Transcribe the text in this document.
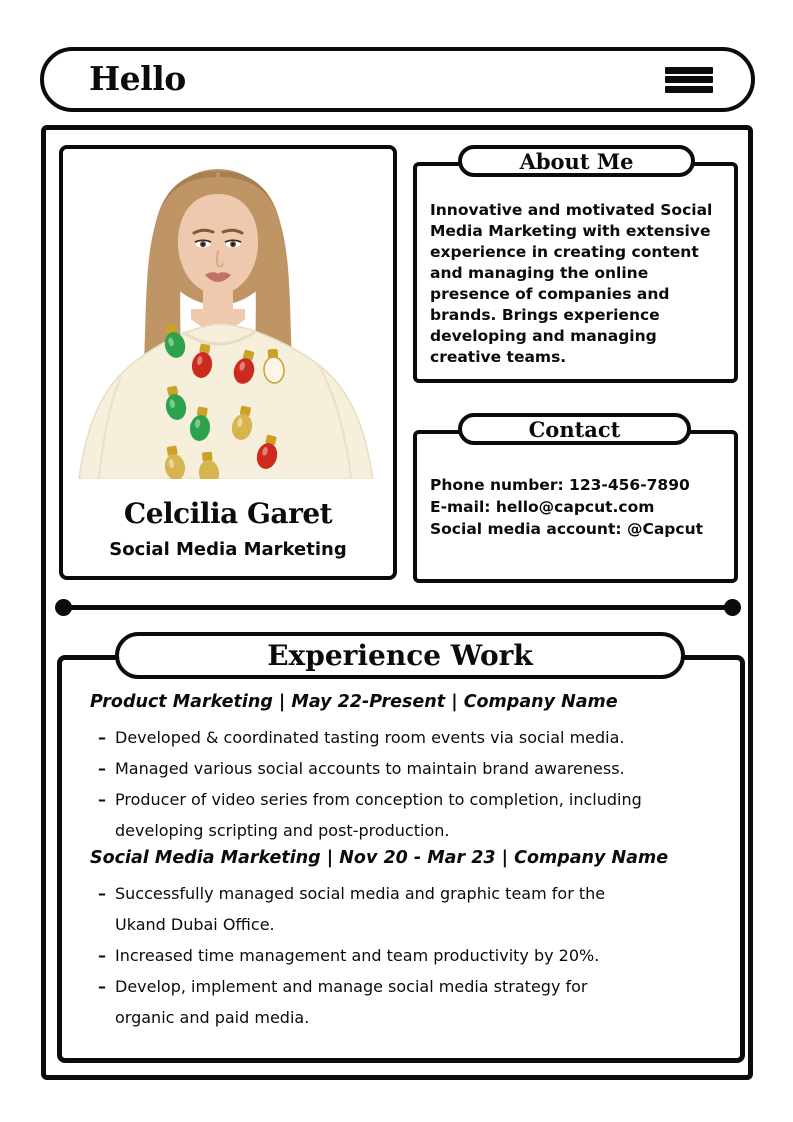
Hello
Celcilia Garet
Social Media Marketing
About Me
Innovative and motivated Social Media Marketing with extensive experience in creating content and managing the online presence of companies and brands. Brings experience developing and managing creative teams.
Contact
Phone number: 123-456-7890
E-mail: hello@capcut.com
Social media account: @Capcut
Experience Work
Product Marketing | May 22-Present | Company Name
– Developed & coordinated tasting room events via social media.
– Managed various social accounts to maintain brand awareness.
– Producer of video series from conception to completion, including
developing scripting and post-production.
Social Media Marketing | Nov 20 - Mar 23 | Company Name
– Successfully managed social media and graphic team for the
Ukand Dubai Office.
– Increased time management and team productivity by 20%.
– Develop, implement and manage social media strategy for
organic and paid media.
